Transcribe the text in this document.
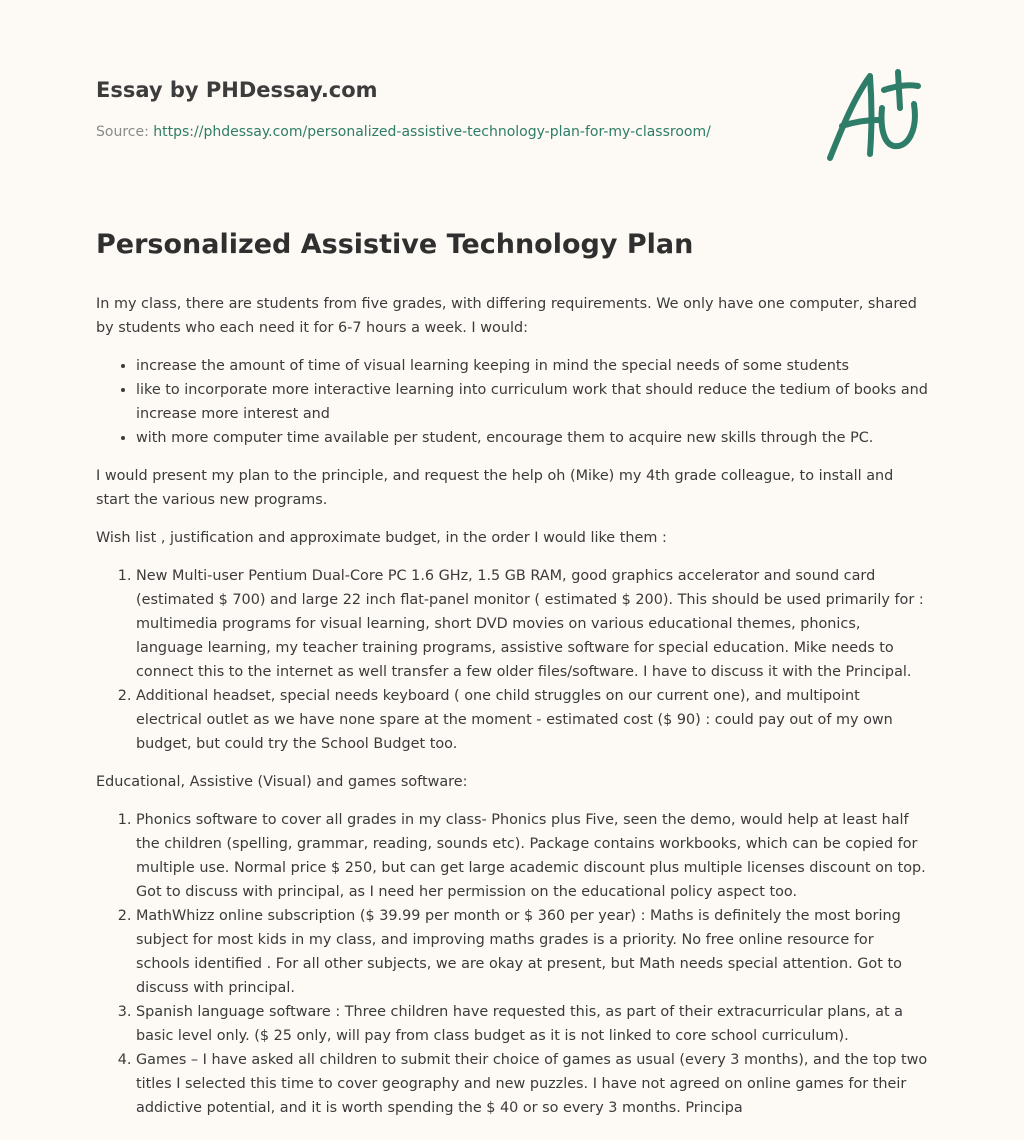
Essay by PHDessay.com
Source: https://phdessay.com/personalized-assistive-technology-plan-for-my-classroom/
Personalized Assistive Technology Plan

In my class, there are students from five grades, with differing requirements. We only have one computer, shared by students who each need it for 6-7 hours a week. I would:

• increase the amount of time of visual learning keeping in mind the special needs of some students
• like to incorporate more interactive learning into curriculum work that should reduce the tedium of books and increase more interest and
• with more computer time available per student, encourage them to acquire new skills through the PC.

I would present my plan to the principle, and request the help oh (Mike) my 4th grade colleague, to install and start the various new programs.

Wish list , justification and approximate budget, in the order I would like them :

1. New Multi-user Pentium Dual-Core PC 1.6 GHz, 1.5 GB RAM, good graphics accelerator and sound card (estimated $ 700) and large 22 inch flat-panel monitor ( estimated $ 200). This should be used primarily for : multimedia programs for visual learning, short DVD movies on various educational themes, phonics, language learning, my teacher training programs, assistive software for special education. Mike needs to connect this to the internet as well transfer a few older files/software. I have to discuss it with the Principal.
2. Additional headset, special needs keyboard ( one child struggles on our current one), and multipoint electrical outlet as we have none spare at the moment - estimated cost ($ 90) : could pay out of my own budget, but could try the School Budget too.

Educational, Assistive (Visual) and games software:

1. Phonics software to cover all grades in my class- Phonics plus Five, seen the demo, would help at least half the children (spelling, grammar, reading, sounds etc). Package contains workbooks, which can be copied for multiple use. Normal price $ 250, but can get large academic discount plus multiple licenses discount on top. Got to discuss with principal, as I need her permission on the educational policy aspect too.
2. MathWhizz online subscription ($ 39.99 per month or $ 360 per year) : Maths is definitely the most boring subject for most kids in my class, and improving maths grades is a priority. No free online resource for schools identified . For all other subjects, we are okay at present, but Math needs special attention. Got to discuss with principal.
3. Spanish language software : Three children have requested this, as part of their extracurricular plans, at a basic level only. ($ 25 only, will pay from class budget as it is not linked to core school curriculum).
4. Games – I have asked all children to submit their choice of games as usual (every 3 months), and the top two titles I selected this time to cover geography and new puzzles. I have not agreed on online games for their addictive potential, and it is worth spending the $ 40 or so every 3 months. Principa
